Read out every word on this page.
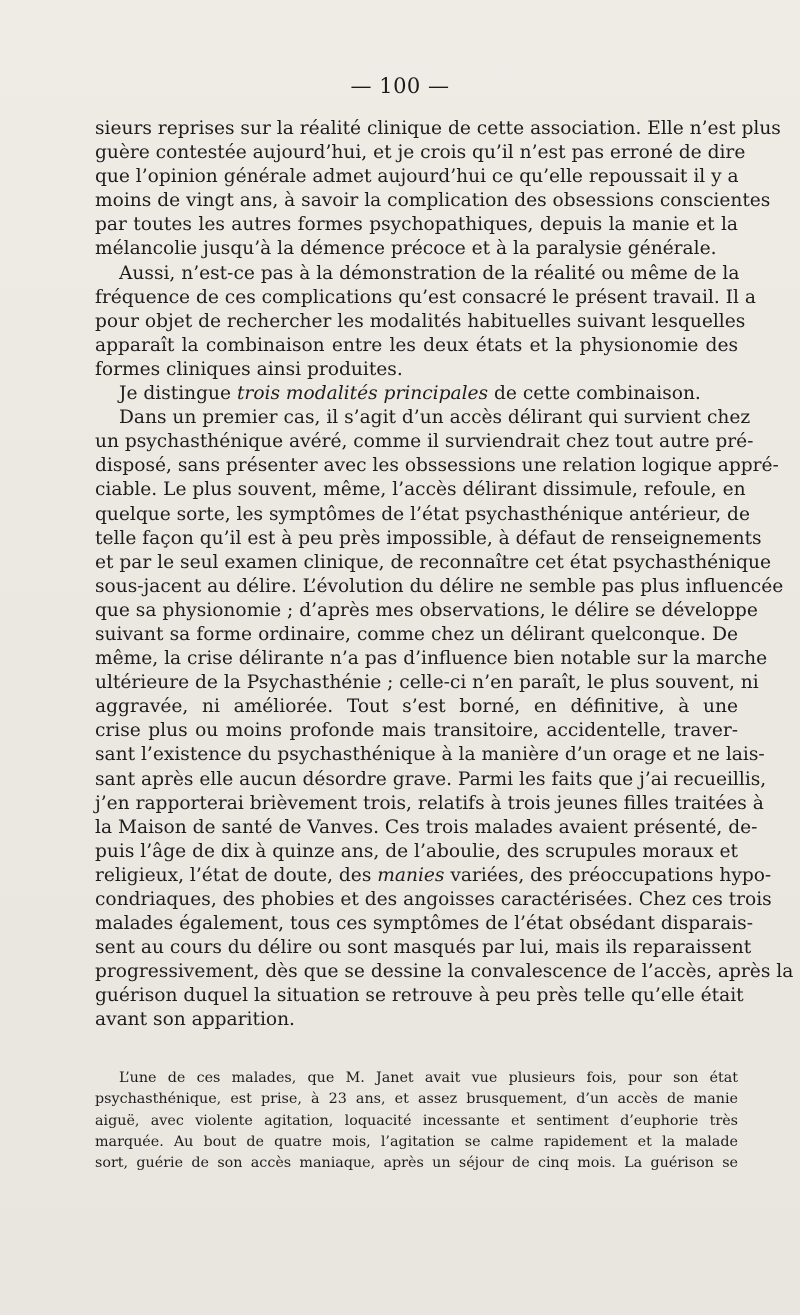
— 100 —
sieurs reprises sur la réalité clinique de cette association. Elle n’est plus
guère contestée aujourd’hui, et je crois qu’il n’est pas erroné de dire
que l’opinion générale admet aujourd’hui ce qu’elle repoussait il y a
moins de vingt ans, à savoir la complication des obsessions conscientes
par toutes les autres formes psychopathiques, depuis la manie et la
mélancolie jusqu’à la démence précoce et à la paralysie générale.
Aussi, n’est-ce pas à la démonstration de la réalité ou même de la
fréquence de ces complications qu’est consacré le présent travail. Il a
pour objet de rechercher les modalités habituelles suivant lesquelles
apparaît la combinaison entre les deux états et la physionomie des
formes cliniques ainsi produites.
Je distingue trois modalités principales de cette combinaison.
Dans un premier cas, il s’agit d’un accès délirant qui survient chez
un psychasthénique avéré, comme il surviendrait chez tout autre pré-
disposé, sans présenter avec les obssessions une relation logique appré-
ciable. Le plus souvent, même, l’accès délirant dissimule, refoule, en
quelque sorte, les symptômes de l’état psychasthénique antérieur, de
telle façon qu’il est à peu près impossible, à défaut de renseignements
et par le seul examen clinique, de reconnaître cet état psychasthénique
sous-jacent au délire. L’évolution du délire ne semble pas plus influencée
que sa physionomie ; d’après mes observations, le délire se développe
suivant sa forme ordinaire, comme chez un délirant quelconque. De
même, la crise délirante n’a pas d’influence bien notable sur la marche
ultérieure de la Psychasthénie ; celle-ci n’en paraît, le plus souvent, ni
aggravée, ni améliorée. Tout s’est borné, en définitive, à une
crise plus ou moins profonde mais transitoire, accidentelle, traver-
sant l’existence du psychasthénique à la manière d’un orage et ne lais-
sant après elle aucun désordre grave. Parmi les faits que j’ai recueillis,
j’en rapporterai brièvement trois, relatifs à trois jeunes filles traitées à
la Maison de santé de Vanves. Ces trois malades avaient présenté, de-
puis l’âge de dix à quinze ans, de l’aboulie, des scrupules moraux et
religieux, l’état de doute, des manies variées, des préoccupations hypo-
condriaques, des phobies et des angoisses caractérisées. Chez ces trois
malades également, tous ces symptômes de l’état obsédant disparais-
sent au cours du délire ou sont masqués par lui, mais ils reparaissent
progressivement, dès que se dessine la convalescence de l’accès, après la
guérison duquel la situation se retrouve à peu près telle qu’elle était
avant son apparition.
L’une de ces malades, que M. Janet avait vue plusieurs fois, pour son état
psychasthénique, est prise, à 23 ans, et assez brusquement, d’un accès de manie
aiguë, avec violente agitation, loquacité incessante et sentiment d’euphorie très
marquée. Au bout de quatre mois, l’agitation se calme rapidement et la malade
sort, guérie de son accès maniaque, après un séjour de cinq mois. La guérison se
